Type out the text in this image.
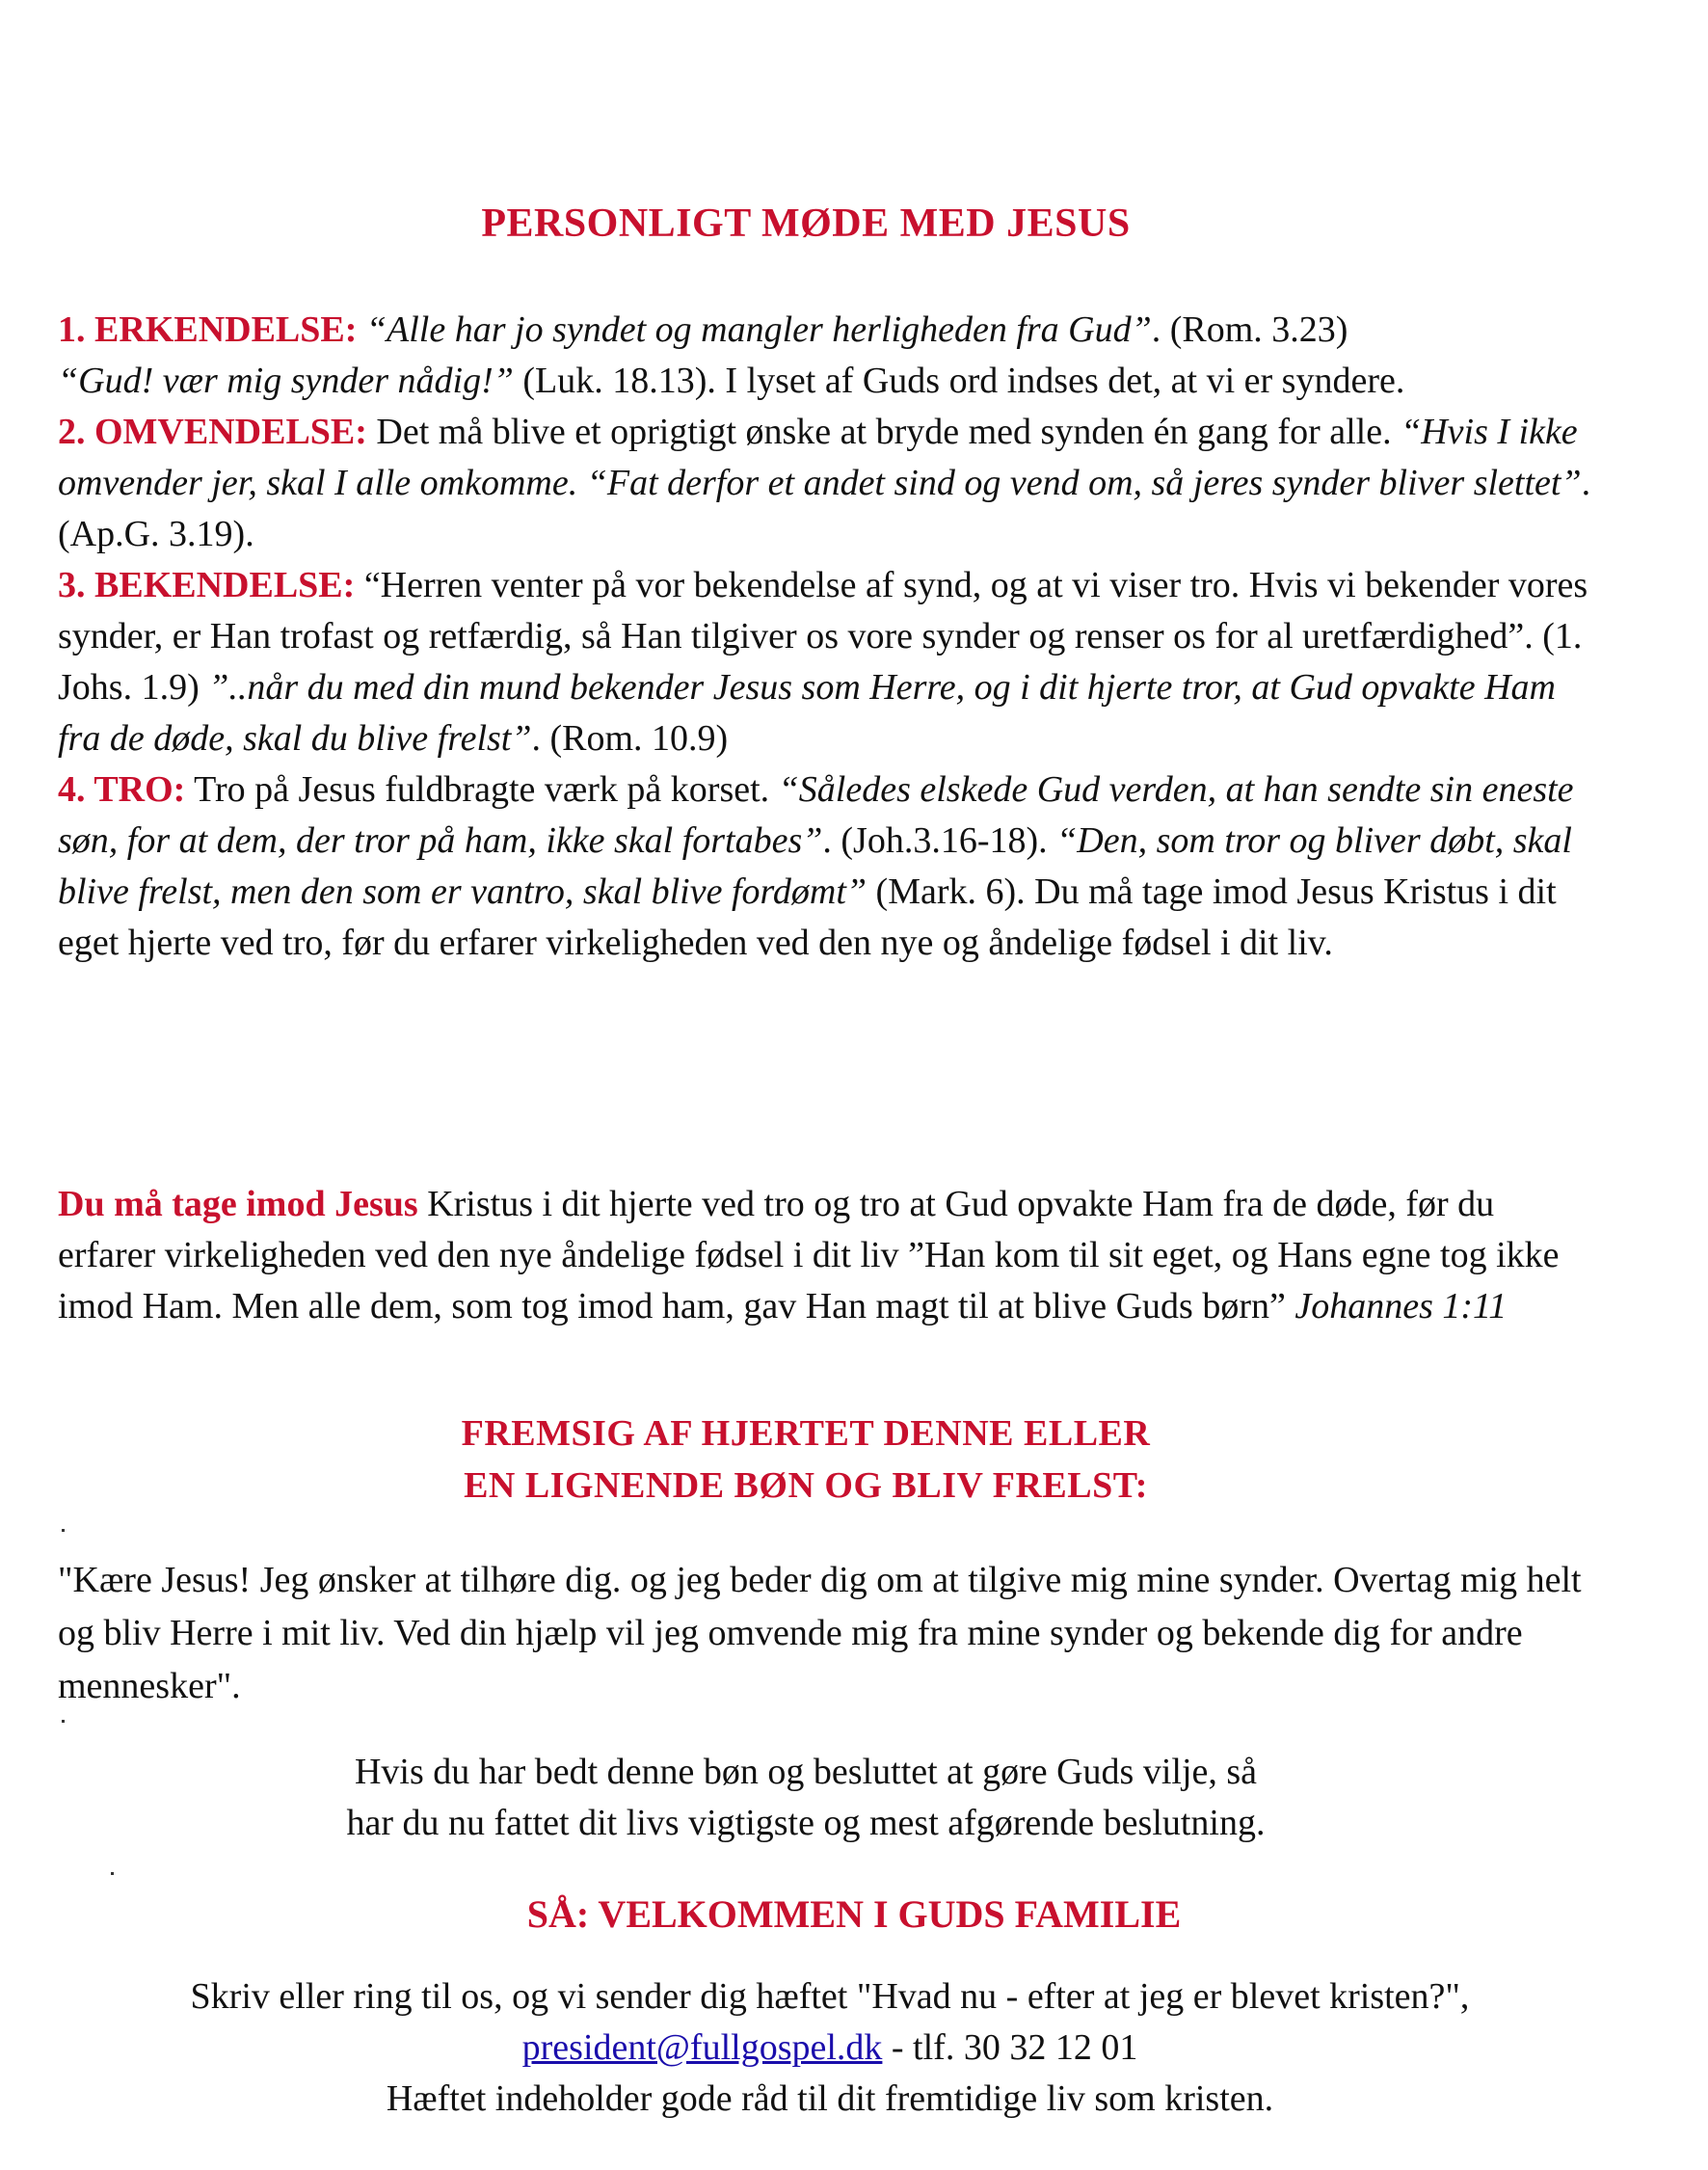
PERSONLIGT MØDE MED JESUS

1. ERKENDELSE: “Alle har jo syndet og mangler herligheden fra Gud”. (Rom. 3.23)
“Gud! vær mig synder nådig!” (Luk. 18.13). I lyset af Guds ord indses det, at vi er syndere.

2. OMVENDELSE: Det må blive et oprigtigt ønske at bryde med synden én gang for alle. “Hvis I ikke omvender jer, skal I alle omkomme. “Fat derfor et andet sind og vend om, så jeres synder bliver slettet”. (Ap.G. 3.19).

3. BEKENDELSE: “Herren venter på vor bekendelse af synd, og at vi viser tro. Hvis vi bekender vores synder, er Han trofast og retfærdig, så Han tilgiver os vore synder og renser os for al uretfærdighed”. (1. Johs. 1.9) ”..når du med din mund bekender Jesus som Herre, og i dit hjerte tror, at Gud opvakte Ham fra de døde, skal du blive frelst”. (Rom. 10.9)

4. TRO: Tro på Jesus fuldbragte værk på korset. “Således elskede Gud verden, at han sendte sin eneste søn, for at dem, der tror på ham, ikke skal fortabes”. (Joh.3.16-18). “Den, som tror og bliver døbt, skal blive frelst, men den som er vantro, skal blive fordømt” (Mark. 6). Du må tage imod Jesus Kristus i dit eget hjerte ved tro, før du erfarer virkeligheden ved den nye og åndelige fødsel i dit liv.

Du må tage imod Jesus Kristus i dit hjerte ved tro og tro at Gud opvakte Ham fra de døde, før du erfarer virkeligheden ved den nye åndelige fødsel i dit liv ”Han kom til sit eget, og Hans egne tog ikke imod Ham. Men alle dem, som tog imod ham, gav Han magt til at blive Guds børn” Johannes 1:11
FREMSIG AF HJERTET DENNE ELLER
EN LIGNENDE BØN OG BLIV FRELST:
"Kære Jesus! Jeg ønsker at tilhøre dig. og jeg beder dig om at tilgive mig mine synder. Overtag mig helt og bliv Herre i mit liv. Ved din hjælp vil jeg omvende mig fra mine synder og bekende dig for andre mennesker".
Hvis du har bedt denne bøn og besluttet at gøre Guds vilje, så
har du nu fattet dit livs vigtigste og mest afgørende beslutning.
SÅ: VELKOMMEN I GUDS FAMILIE
Skriv eller ring til os, og vi sender dig hæftet "Hvad nu - efter at jeg er blevet kristen?",
president@fullgospel.dk - tlf. 30 32 12 01
Hæftet indeholder gode råd til dit fremtidige liv som kristen.
